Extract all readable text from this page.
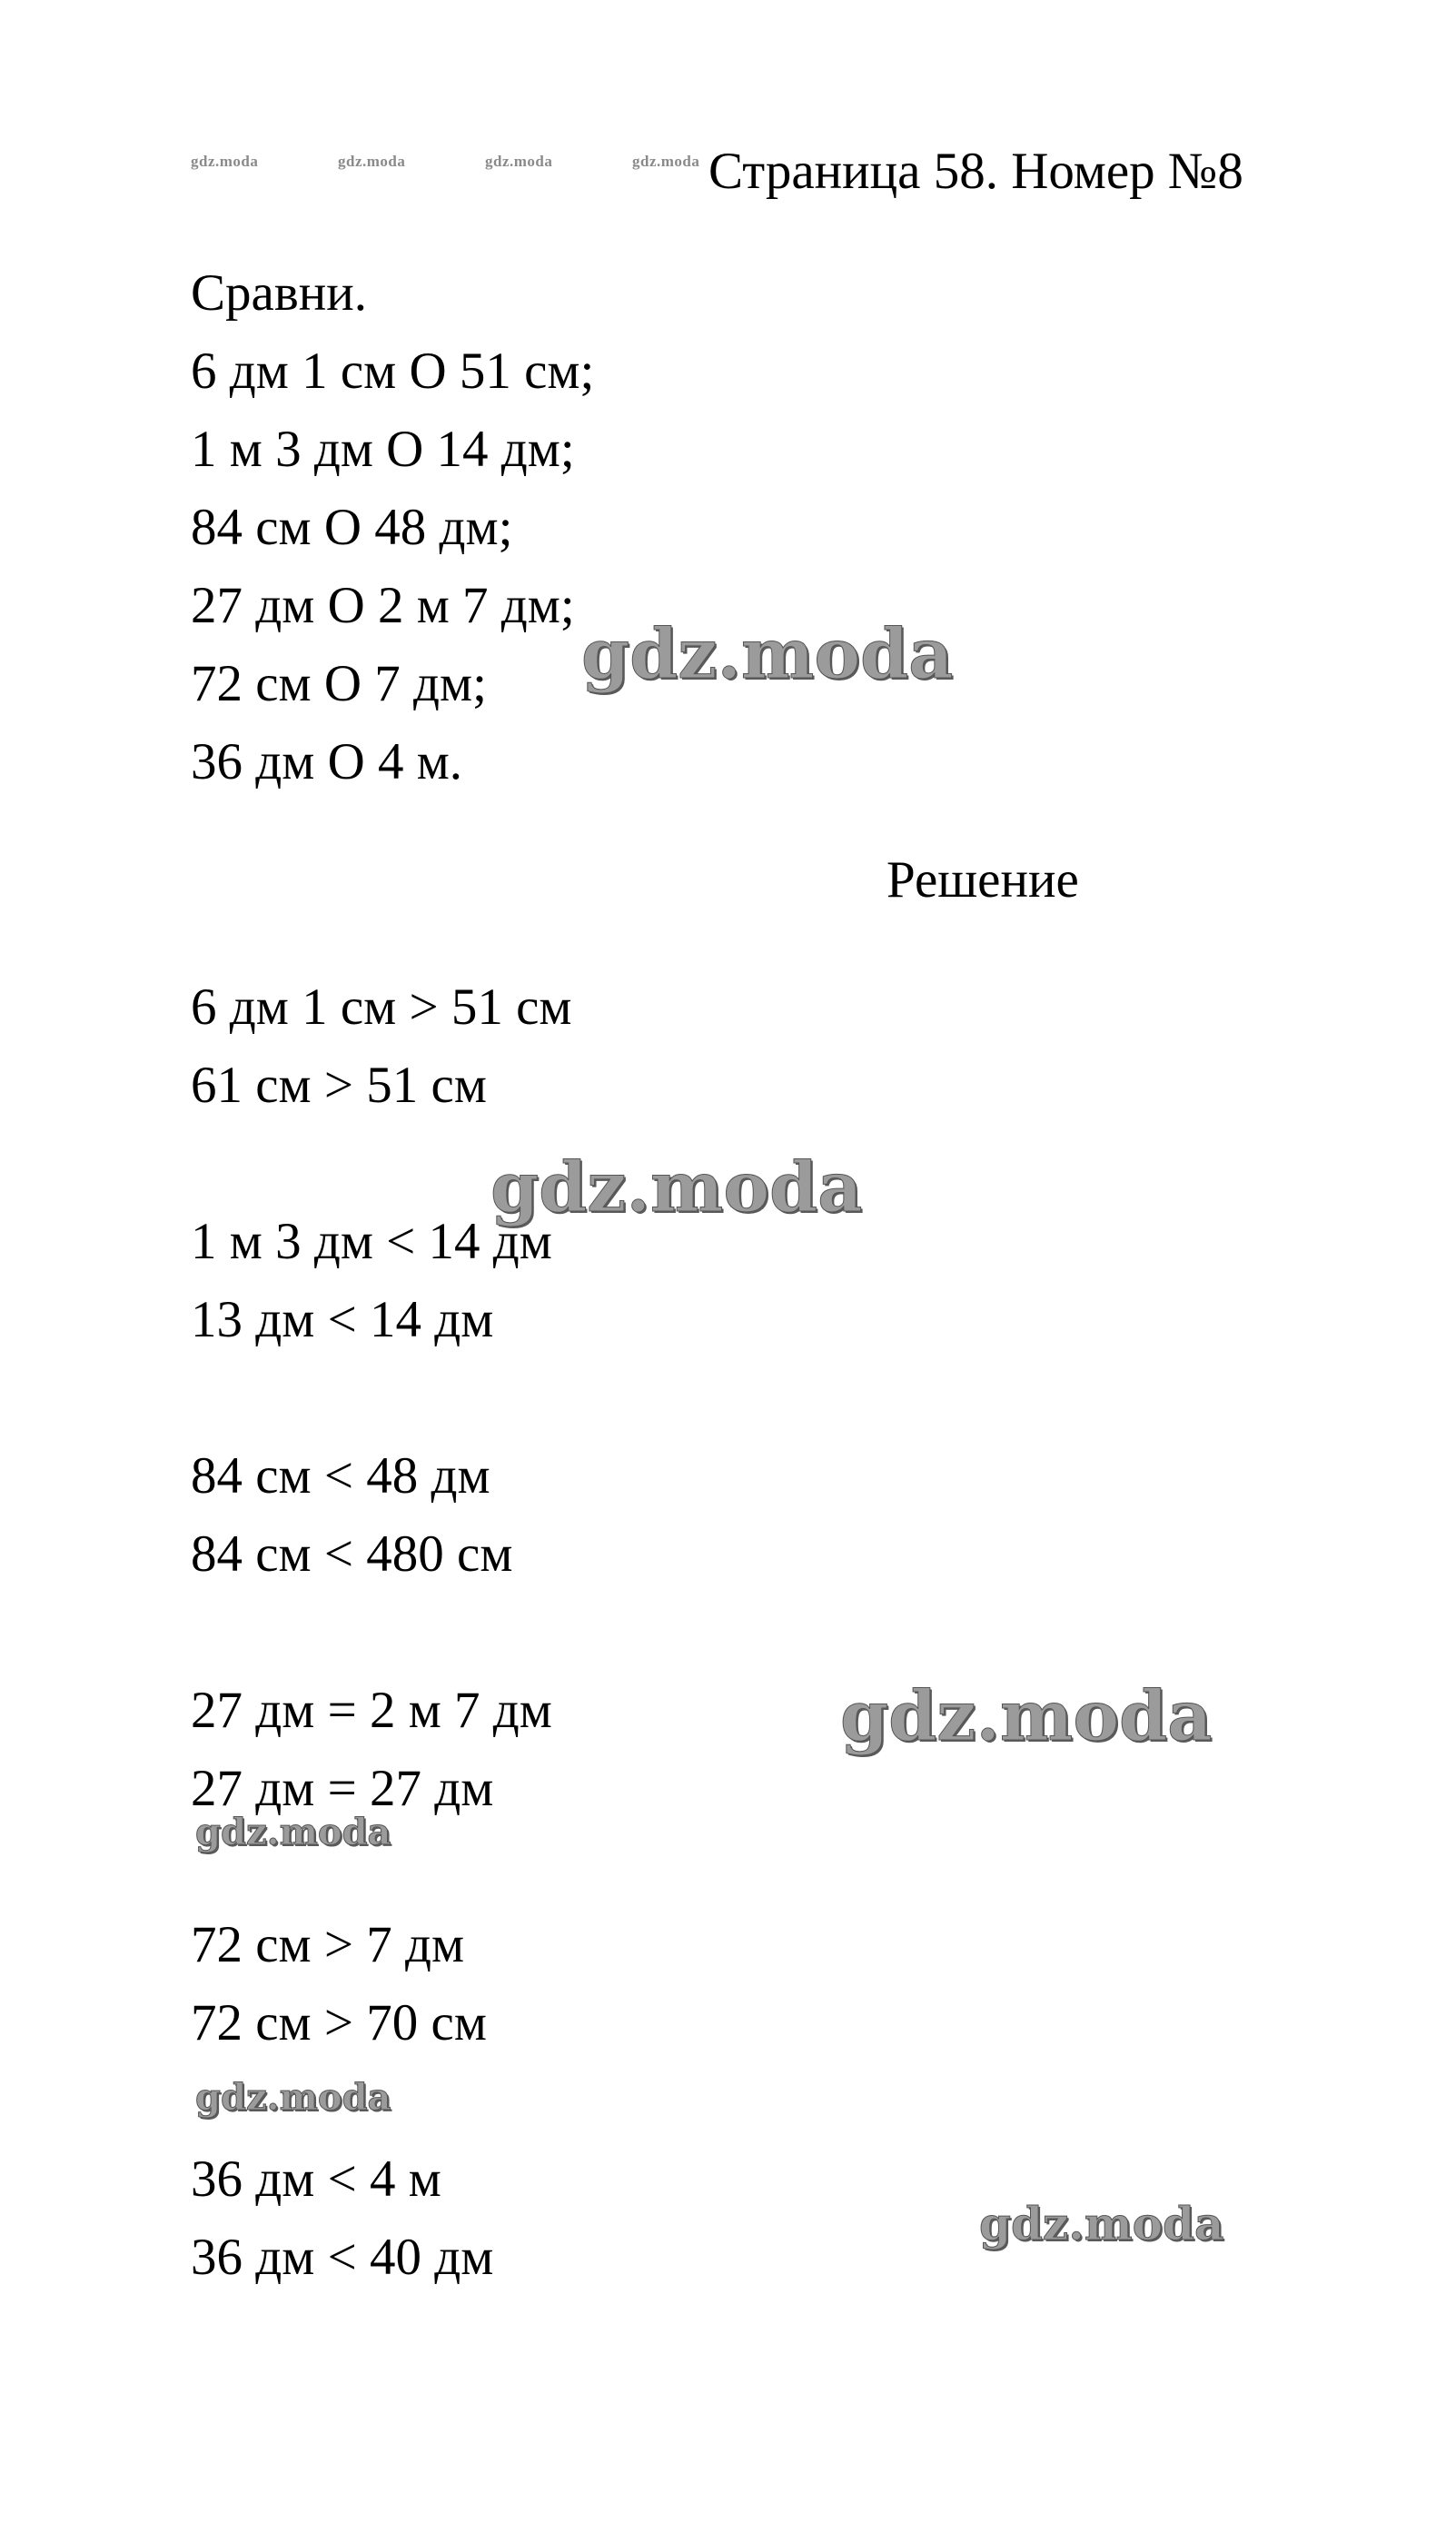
gdz.moda	gdz.moda	gdz.moda	gdz.moda Страница 58. Номер №8
Сравни.
6 дм 1 см О 51 см;
1 м 3 дм О 14 дм;
84 см О 48 дм;
27 дм О 2 м 7 дм;
72 см О 7 дм;
36 дм О 4 м.
Решение
6 дм 1 см > 51 см
61 см > 51 см
1 м 3 дм < 14 дм
13 дм < 14 дм
84 см < 48 дм
84 см < 480 см
27 дм = 2 м 7 дм
27 дм = 27 дм
72 см > 7 дм
72 см > 70 см
36 дм < 4 м
36 дм < 40 дм
gdz.moda
gdz.moda
gdz.moda
gdz.moda
gdz.moda
gdz.moda
